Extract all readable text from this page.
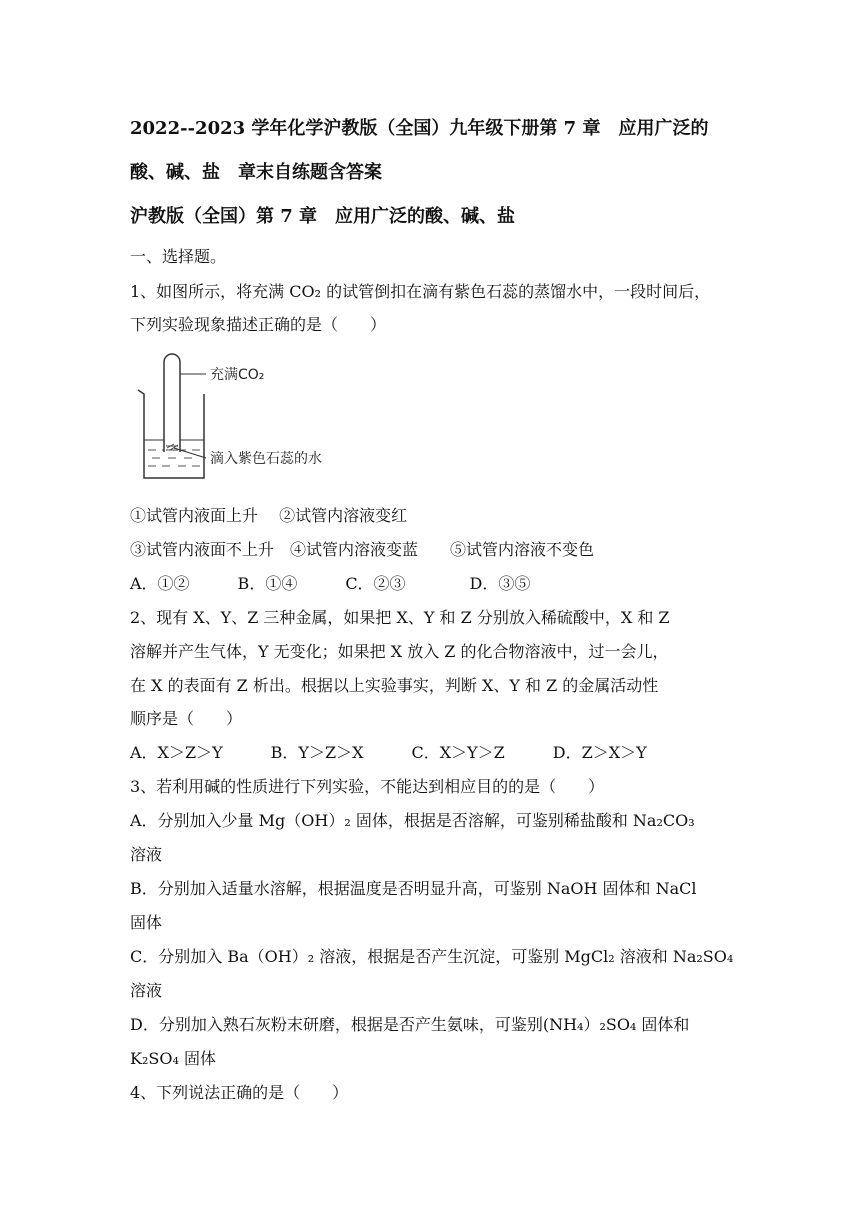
2022--2023 学年化学沪教版（全国）九年级下册第 7 章　应用广泛的
酸、碱、盐　章末自练题含答案
沪教版（全国）第 7 章　应用广泛的酸、碱、盐
一、选择题。
1、如图所示，将充满 CO₂ 的试管倒扣在滴有紫色石蕊的蒸馏水中，一段时间后，
下列实验现象描述正确的是（　　）
充满CO₂
滴入紫色石蕊的水
①试管内液面上升　 ②试管内溶液变红
③试管内液面不上升　④试管内溶液变蓝　　⑤试管内溶液不变色
A．①②　　　B．①④　　　C．②③　　　　D．③⑤
2、现有 X、Y、Z 三种金属，如果把 X、Y 和 Z 分别放入稀硫酸中，X 和 Z
溶解并产生气体，Y 无变化；如果把 X 放入 Z 的化合物溶液中，过一会儿，
在 X 的表面有 Z 析出。根据以上实验事实，判断 X、Y 和 Z 的金属活动性
顺序是（　　）
A．X＞Z＞Y　　　B．Y＞Z＞X　　　C．X＞Y＞Z　　　D．Z＞X＞Y
3、若利用碱的性质进行下列实验，不能达到相应目的的是（　　）
A．分别加入少量 Mg（OH）₂ 固体，根据是否溶解，可鉴别稀盐酸和 Na₂CO₃
溶液
B．分别加入适量水溶解，根据温度是否明显升高，可鉴别 NaOH 固体和 NaCl
固体
C．分别加入 Ba（OH）₂ 溶液，根据是否产生沉淀，可鉴别 MgCl₂ 溶液和 Na₂SO₄
溶液
D．分别加入熟石灰粉末研磨，根据是否产生氨味，可鉴别(NH₄）₂SO₄ 固体和
K₂SO₄ 固体
4、下列说法正确的是（　　）
